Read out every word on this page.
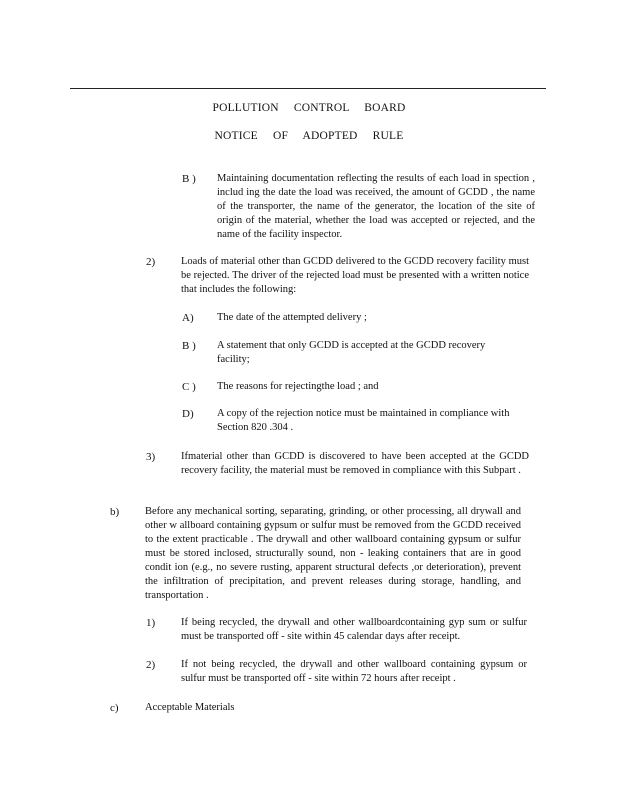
POLLUTION CONTROL BOARD
NOTICE OF ADOPTED RULE
B ) Maintaining documentation reflecting the results of each load in spection , includ ing the date the load was received, the amount of GCDD , the name of the transporter, the name of the generator, the location of the site of origin of the material, whether the load was accepted or rejected, and the name of the facility inspector.
2) Loads of material other than GCDD delivered to the GCDD recovery facility must be rejected. The driver of the rejected load must be presented with a written notice that includes the following:
A) The date of the attempted delivery ;
B ) A statement that only GCDD is accepted at the GCDD recovery facility;
C ) The reasons for rejectingthe load ; and
D) A copy of the rejection notice must be maintained in compliance with Section 820 .304 .
3) Ifmaterial other than GCDD is discovered to have been accepted at the GCDD recovery facility, the material must be removed in compliance with this Subpart .
b) Before any mechanical sorting, separating, grinding, or other processing, all drywall and other w allboard containing gypsum or sulfur must be removed from the GCDD received to the extent practicable . The drywall and other wallboard containing gypsum or sulfur must be stored inclosed, structurally sound, non - leaking containers that are in good condit ion (e.g., no severe rusting, apparent structural defects ,or deterioration), prevent the infiltration of precipitation, and prevent releases during storage, handling, and transportation .
1) If being recycled, the drywall and other wallboardcontaining gyp sum or sulfur must be transported off - site within 45 calendar days after receipt.
2) If not being recycled, the drywall and other wallboard containing gypsum or sulfur must be transported off - site within 72 hours after receipt .
c)	Acceptable Materials
